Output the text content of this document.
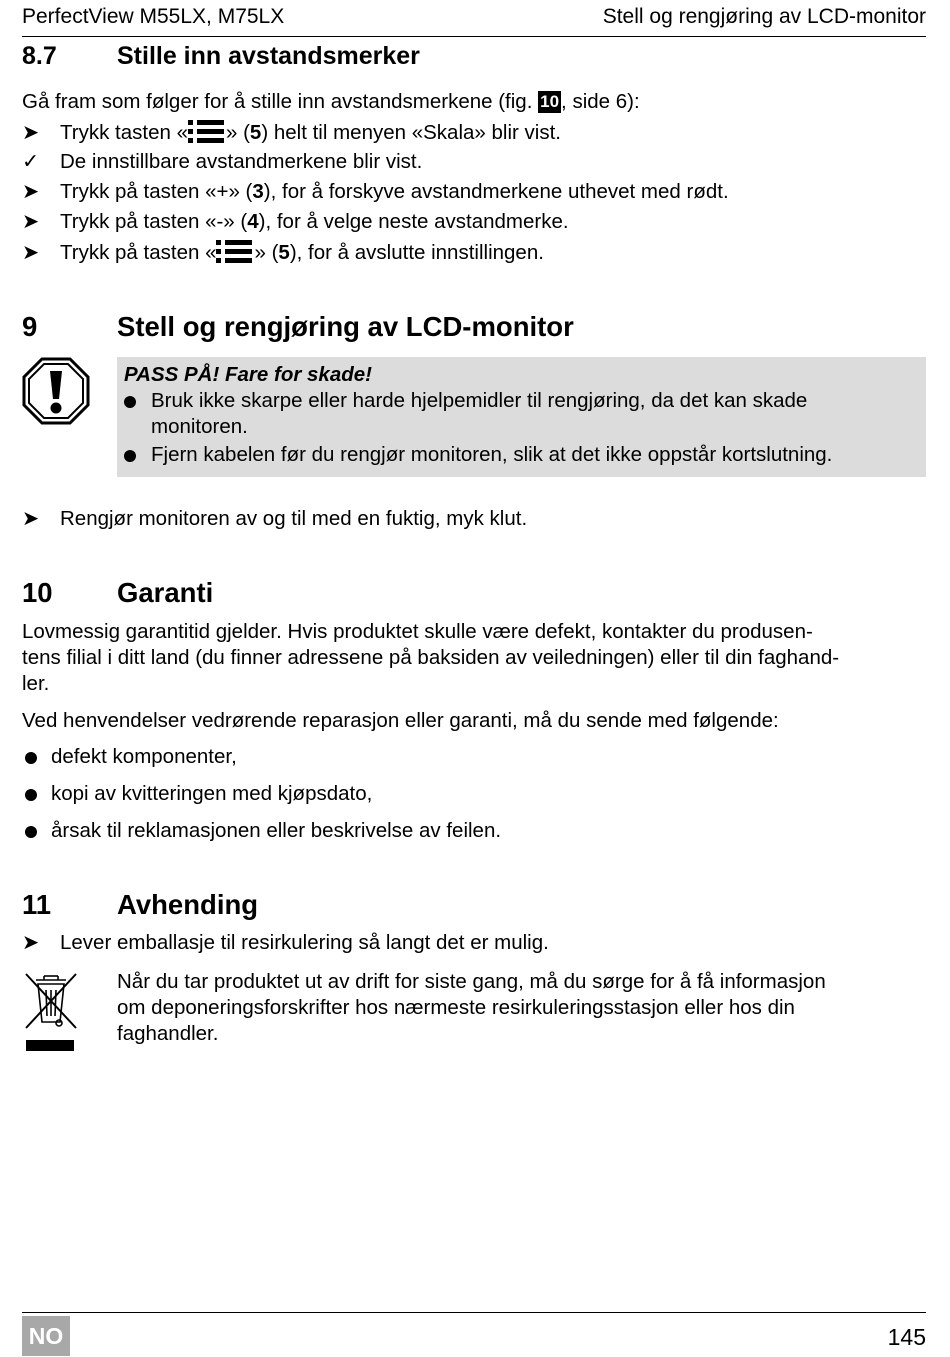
PerfectView M55LX, M75LX	Stell og rengjøring av LCD-monitor
8.7 Stille inn avstandsmerker
Gå fram som følger for å stille inn avstandsmerkene (fig. 10, side 6):
➤ Trykk tasten « » (5) helt til menyen «Skala» blir vist.
✓ De innstillbare avstandmerkene blir vist.
➤ Trykk på tasten «+» (3), for å forskyve avstandmerkene uthevet med rødt.
➤ Trykk på tasten «-» (4), for å velge neste avstandmerke.
➤ Trykk på tasten « » (5), for å avslutte innstillingen.
9	Stell og rengjøring av LCD-monitor
PASS PÅ! Fare for skade!
Bruk ikke skarpe eller harde hjelpemidler til rengjøring, da det kan skade
monitoren.
Fjern kabelen før du rengjør monitoren, slik at det ikke oppstår kortslutning.
➤ Rengjør monitoren av og til med en fuktig, myk klut.
10 Garanti
Lovmessig garantitid gjelder. Hvis produktet skulle være defekt, kontakter du produsen-
tens filial i ditt land (du finner adressene på baksiden av veiledningen) eller til din faghand-
ler.
Ved henvendelser vedrørende reparasjon eller garanti, må du sende med følgende:
defekt komponenter,
kopi av kvitteringen med kjøpsdato,
årsak til reklamasjonen eller beskrivelse av feilen.
11 Avhending
➤ Lever emballasje til resirkulering så langt det er mulig.
Når du tar produktet ut av drift for siste gang, må du sørge for å få informasjon
om deponeringsforskrifter hos nærmeste resirkuleringsstasjon eller hos din
faghandler.
NO	145
